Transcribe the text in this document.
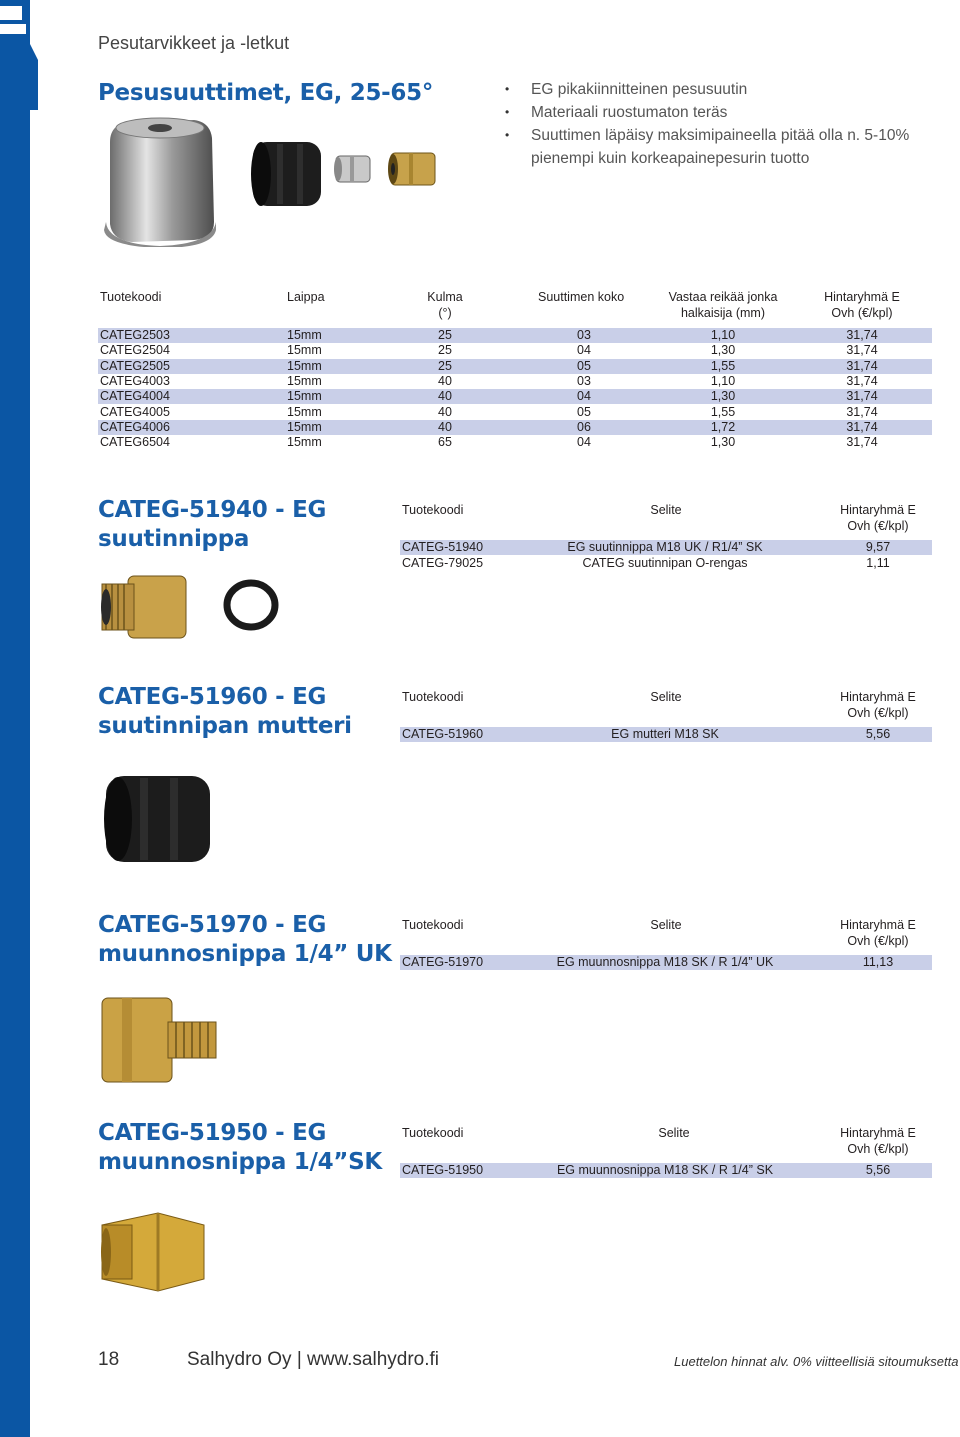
Pesutarvikkeet ja -letkut
Pesusuuttimet, EG, 25-65°
•	EG pikakiinnitteinen pesusuutin
• Materiaali ruostumaton teräs
• Suuttimen läpäisy maksimipaineella pitää olla n. 5-10%
pienempi kuin korkeapainepesurin tuotto
Tuotekoodi	Laippa	Kulma
(°)
Suuttimen koko	Vastaa reikää jonka
halkaisija (mm)
Hintaryhmä E
Ovh (€/kpl)
CATEG2503	15mm	25	03	1,10	31,74
CATEG2504	15mm	25	04	1,30	31,74
CATEG2505	15mm	25	05	1,55	31,74
CATEG4003	15mm	40	03	1,10	31,74
CATEG4004	15mm	40	04	1,30	31,74
CATEG4005	15mm	40	05	1,55	31,74
CATEG4006	15mm	40	06	1,72	31,74
CATEG6504	15mm	65	04	1,30	31,74
CATEG-51940 - EG
suutinnippa
Tuotekoodi	Selite	Hintaryhmä E
Ovh (€/kpl)
CATEG-51940	EG suutinnippa M18 UK / R1/4” SK	9,57
CATEG-79025	CATEG suutinnipan O-rengas	1,11
CATEG-51960 - EG
suutinnipan mutteri
Tuotekoodi	Selite	Hintaryhmä E
Ovh (€/kpl)
CATEG-51960	EG mutteri M18 SK	5,56
CATEG-51970 - EG
muunnosnippa 1/4” UK
Tuotekoodi	Selite	Hintaryhmä E
Ovh (€/kpl)
CATEG-51970	EG muunnosnippa M18 SK / R 1/4” UK	11,13
CATEG-51950 - EG
muunnosnippa 1/4”SK
Tuotekoodi	Selite	Hintaryhmä E
Ovh (€/kpl)
CATEG-51950	EG muunnosnippa M18 SK / R 1/4” SK	5,56
18	Salhydro Oy | www.salhydro.fi	Luettelon hinnat alv. 0% viitteellisiä sitoumuksetta
